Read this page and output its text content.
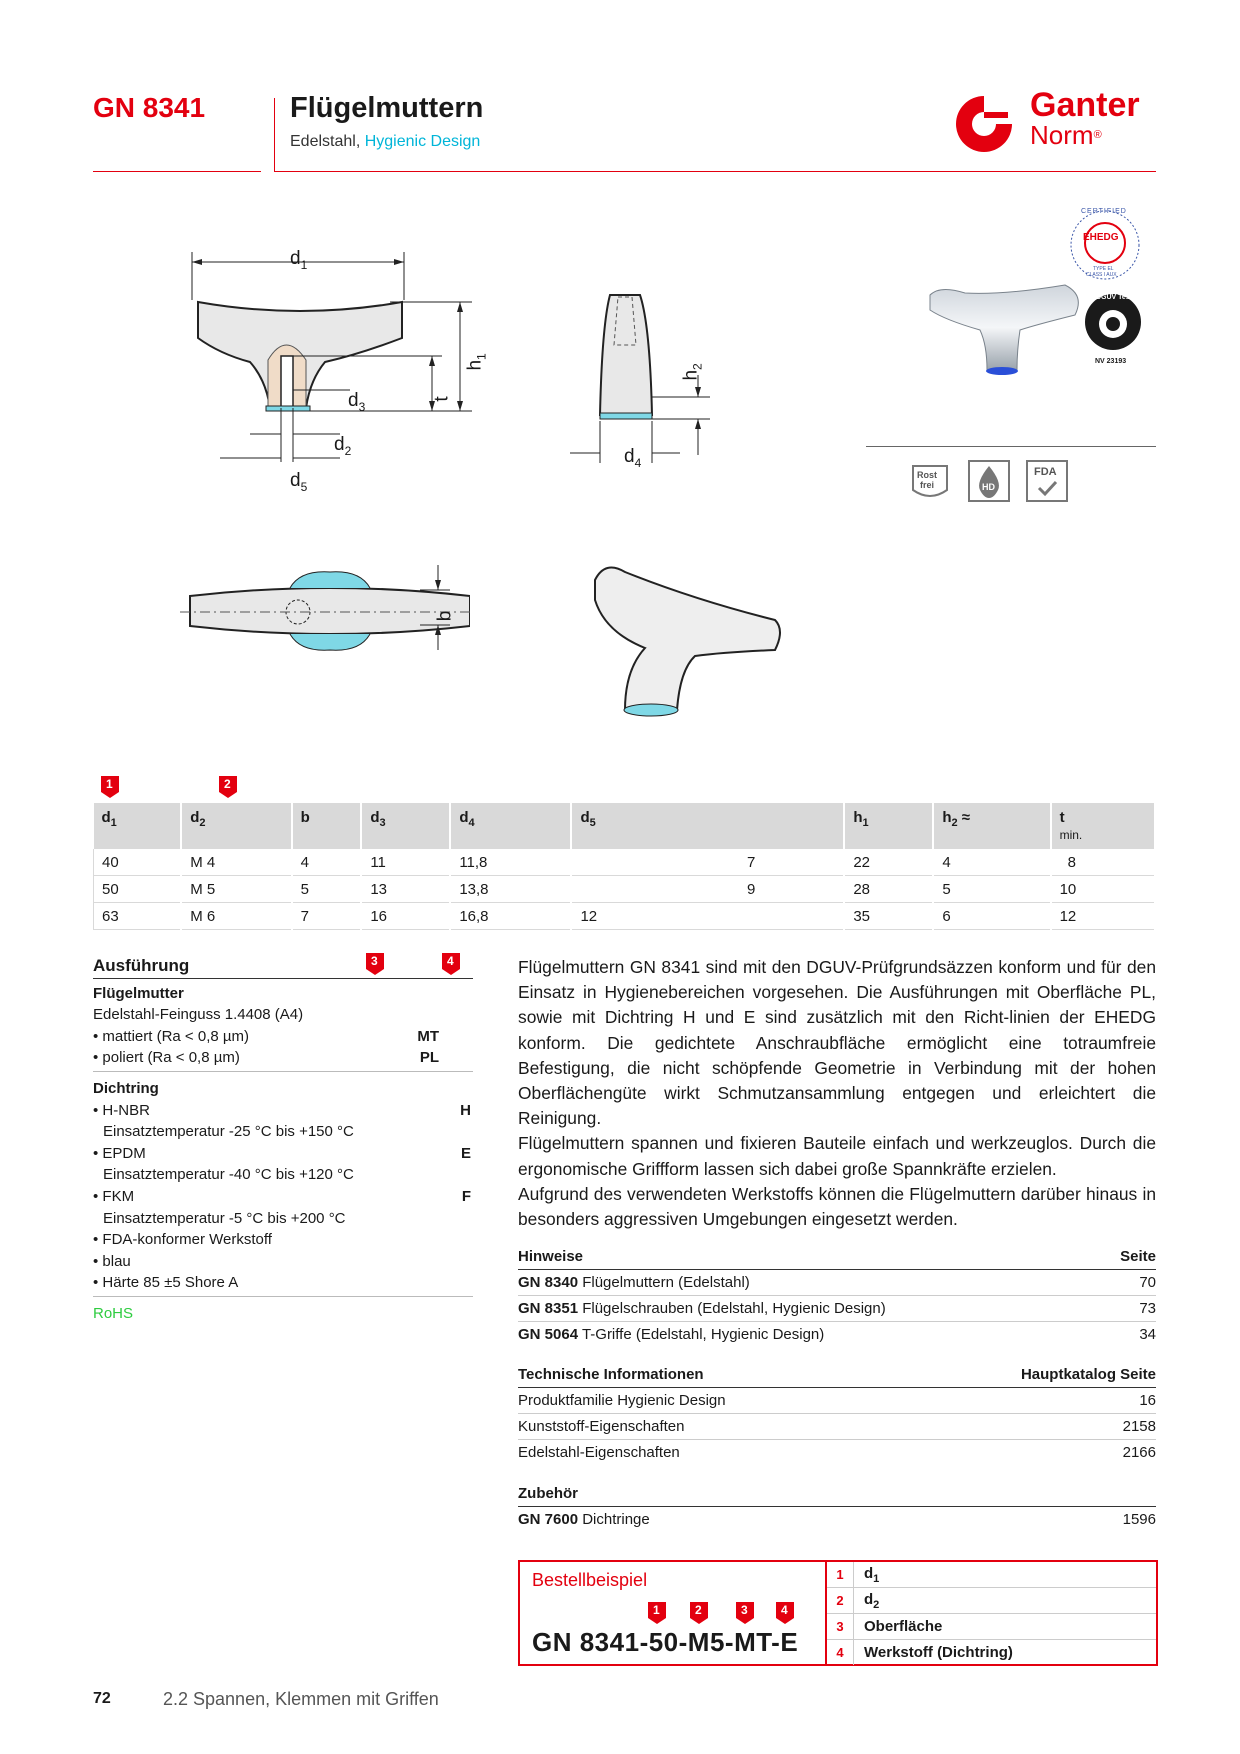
GN 8341	Flügelmuttern
Edelstahl, Hygienic Design
Ganter
Norm®
$d_1$
$h_1$
t
$d_3$
$d_2$
$d_5$
$h_2$
$d_4$
b
EHEDG
CERTIFIED
TYPE EL
CLASS I AUX
DGUV Test
NV 23193
Rost
frei	HD
FDA
1	2
$d_1$	$d_2$	b	$d_3$	$d_4$	$d_5$	$h_1$	$h_2$ ≈	t
min.

40	M 4	4	11	11,8	7	22	4	8
50	M 5	5	13	13,8	9	28	5	10
63	M 6	7	16	16,8	12	35	6	12
3	4
Ausführung
Flügelmutter
Edelstahl-Feinguss 1.4408 (A4)
• mattiert (Ra < 0,8 µm)	MT
• poliert (Ra < 0,8 µm)	PL
Dichtring
• H-NBR	H
Einsatztemperatur -25 °C bis +150 °C
• EPDM	E
Einsatztemperatur -40 °C bis +120 °C
• FKM	F
Einsatztemperatur -5 °C bis +200 °C
• FDA-konformer Werkstoff
• blau
• Härte 85 ±5 Shore A
RoHS

Flügelmuttern GN 8341 sind mit den DGUV-Prüfgrundsäzzen konform und für den Einsatz in Hygienebereichen vorgesehen. Die Ausführungen mit Oberfläche PL, sowie mit Dichtring H und E sind zusätzlich mit den Richt-linien der EHEDG konform. Die gedichtete Anschraubfläche ermöglicht eine totraumfreie Befestigung, die nicht schöpfende Geometrie in Verbindung mit der hohen Oberflächengüte wirkt Schmutzansammlung entgegen und erleichtert die Reinigung.

Flügelmuttern spannen und fixieren Bauteile einfach und werkzeuglos. Durch die ergonomische Griffform lassen sich dabei große Spannkräfte erzielen.

Aufgrund des verwendeten Werkstoffs können die Flügelmuttern darüber hinaus in besonders aggressiven Umgebungen eingesetzt werden.

Hinweise	Seite
GN 8340 Flügelmuttern (Edelstahl)	70
GN 8351 Flügelschrauben (Edelstahl, Hygienic Design)	73
GN 5064 T-Griffe (Edelstahl, Hygienic Design)	34
Technische Informationen	Hauptkatalog Seite
Produktfamilie Hygienic Design	16
Kunststoff-Eigenschaften	2158
Edelstahl-Eigenschaften	2166
Zubehör
GN 7600 Dichtringe	1596
Bestellbeispiel
1	2	3	4
GN 8341-50-M5-MT-E
1	$d_1$
2	$d_2$
3	Oberfläche
4	Werkstoff (Dichtring)
72	2.2 Spannen, Klemmen mit Griffen
